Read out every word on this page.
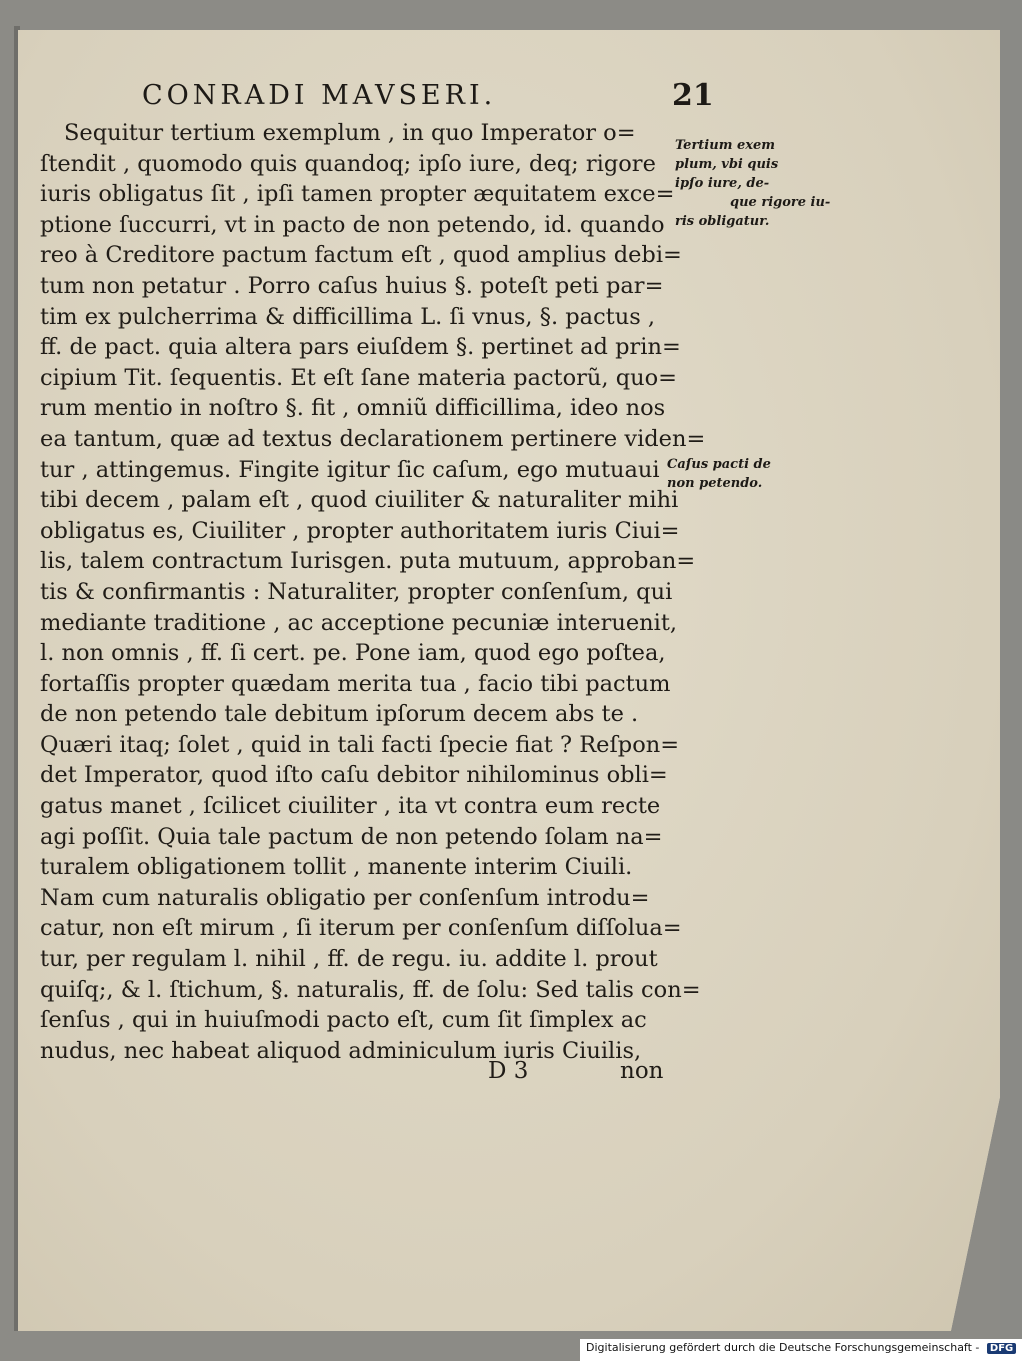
CONRADI MAVSERI.	21
Sequitur tertium exemplum , in quo Imperator o=
ſtendit , quomodo quis quandoq; ipſo iure, deq; rigore
iuris obligatus ſit , ipſi tamen propter æquitatem exce=
ptione ſuccurri, vt in pacto de non petendo, id. quando
reo à Creditore pactum factum eſt , quod amplius debi=
tum non petatur . Porro caſus huius §. poteſt peti par=
tim ex pulcherrima & difficillima L. ſi vnus, §. pactus ,
ff. de pact. quia altera pars eiuſdem §. pertinet ad prin=
cipium Tit. ſequentis. Et eſt ſane materia pactorũ, quo=
rum mentio in noſtro §. fit , omniũ difficillima, ideo nos
ea tantum, quæ ad textus declarationem pertinere viden=
tur , attingemus. Fingite igitur ſic caſum, ego mutuaui
tibi decem , palam eſt , quod ciuiliter & naturaliter mihi
obligatus es, Ciuiliter , propter authoritatem iuris Ciui=
lis, talem contractum Iurisgen. puta mutuum, approban=
tis & confirmantis : Naturaliter, propter conſenſum, qui
mediante traditione , ac acceptione pecuniæ interuenit,
l. non omnis , ff. ſi cert. pe. Pone iam, quod ego poſtea,
fortaſſis propter quædam merita tua , facio tibi pactum
de non petendo tale debitum ipſorum decem abs te .
Quæri itaq; ſolet , quid in tali facti ſpecie fiat ? Reſpon=
det Imperator, quod iſto caſu debitor nihilominus obli=
gatus manet , ſcilicet ciuiliter , ita vt contra eum recte
agi poſſit. Quia tale pactum de non petendo ſolam na=
turalem obligationem tollit , manente interim Ciuili.
Nam cum naturalis obligatio per conſenſum introdu=
catur, non eſt mirum , ſi iterum per conſenſum diſſolua=
tur, per regulam l. nihil , ff. de regu. iu. addite l. prout
quiſq;, & l. ſtichum, §. naturalis, ff. de ſolu: Sed talis con=
ſenſus , qui in huiuſmodi pacto eſt, cum ſit ſimplex ac
nudus, nec habeat aliquod adminiculum iuris Ciuilis,
Tertium exem
plum, vbi quis
ipſo iure, de-
que rigore iu-
ris obligatur.
Caſus pacti de
non petendo.
D 3	non
Digitalisierung gefördert durch die Deutsche Forschungsgemeinschaft - DFG
